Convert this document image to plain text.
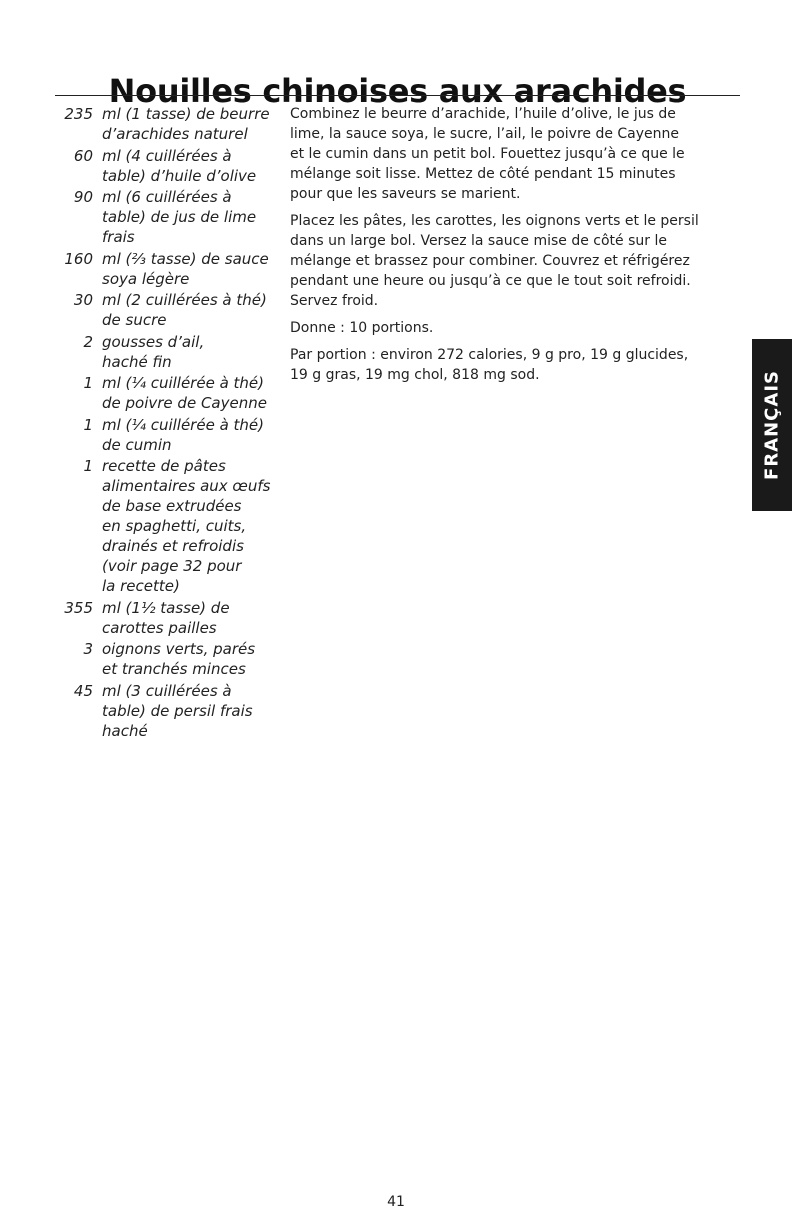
Nouilles chinoises aux arachides
235 ml (1 tasse) de beurre
d’arachides naturel
60 ml (4 cuillérées à
table) d’huile d’olive
90 ml (6 cuillérées à
table) de jus de lime
frais
160 ml (²⁄₃ tasse) de sauce
soya légère
30 ml (2 cuillérées à thé)
de sucre
2 gousses d’ail,
haché fin
1 ml (¹⁄₄ cuillérée à thé)
de poivre de Cayenne
1 ml (¹⁄₄ cuillérée à thé)
de cumin
1 recette de pâtes
alimentaires aux œufs
de base extrudées
en spaghetti, cuits,
drainés et refroidis
(voir page 32 pour
la recette)
355 ml (1¹⁄₂ tasse) de
carottes pailles
3 oignons verts, parés
et tranchés minces
45 ml (3 cuillérées à
table) de persil frais
haché

Combinez le beurre d’arachide, l’huile d’olive, le jus de
lime, la sauce soya, le sucre, l’ail, le poivre de Cayenne
et le cumin dans un petit bol. Fouettez jusqu’à ce que le
mélange soit lisse. Mettez de côté pendant 15 minutes
pour que les saveurs se marient.

Placez les pâtes, les carottes, les oignons verts et le persil
dans un large bol. Versez la sauce mise de côté sur le
mélange et brassez pour combiner. Couvrez et réfrigérez
pendant une heure ou jusqu’à ce que le tout soit refroidi.
Servez froid.

Donne : 10 portions.

Par portion : environ 272 calories, 9 g pro, 19 g glucides,
19 g gras, 19 mg chol, 818 mg sod.	FRANÇAIS
41
